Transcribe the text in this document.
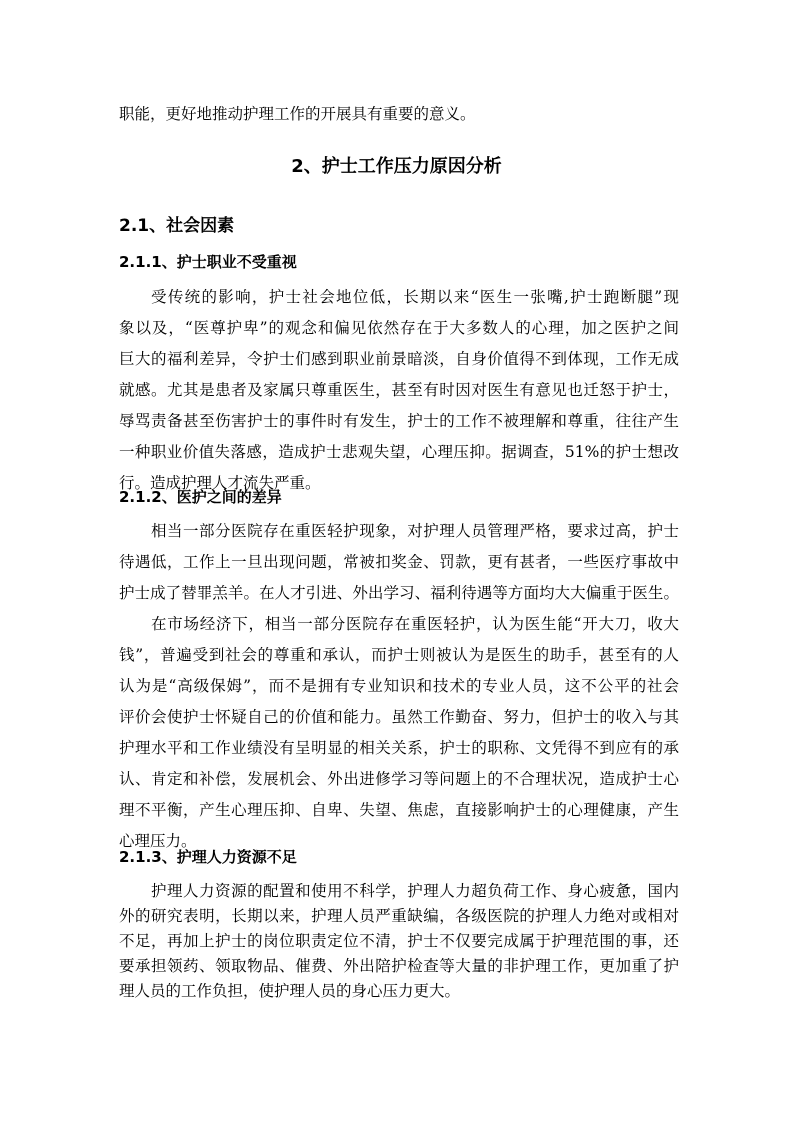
职能，更好地推动护理工作的开展具有重要的意义。
2、护士工作压力原因分析
2.1、社会因素
2.1.1、护士职业不受重视
受传统的影响，护士社会地位低，长期以来“医生一张嘴,护士跑断腿”现
象以及，“医尊护卑”的观念和偏见依然存在于大多数人的心理，加之医护之间
巨大的福利差异，令护士们感到职业前景暗淡，自身价值得不到体现，工作无成
就感。尤其是患者及家属只尊重医生，甚至有时因对医生有意见也迁怒于护士，
辱骂责备甚至伤害护士的事件时有发生，护士的工作不被理解和尊重，往往产生
一种职业价值失落感，造成护士悲观失望，心理压抑。据调查，51%的护士想改
行。造成护理人才流失严重。
2.1.2、医护之间的差异
相当一部分医院存在重医轻护现象，对护理人员管理严格，要求过高，护士
待遇低，工作上一旦出现问题，常被扣奖金、罚款，更有甚者，一些医疗事故中
护士成了替罪羔羊。在人才引进、外出学习、福利待遇等方面均大大偏重于医生。
在市场经济下，相当一部分医院存在重医轻护，认为医生能“开大刀，收大
钱”，普遍受到社会的尊重和承认，而护士则被认为是医生的助手，甚至有的人
认为是“高级保姆”，而不是拥有专业知识和技术的专业人员，这不公平的社会
评价会使护士怀疑自己的价值和能力。虽然工作勤奋、努力，但护士的收入与其
护理水平和工作业绩没有呈明显的相关关系，护士的职称、文凭得不到应有的承
认、肯定和补偿，发展机会、外出进修学习等问题上的不合理状况，造成护士心
理不平衡，产生心理压抑、自卑、失望、焦虑，直接影响护士的心理健康，产生
心理压力。
2.1.3、护理人力资源不足
护理人力资源的配置和使用不科学，护理人力超负荷工作、身心疲惫，国内
外的研究表明，长期以来，护理人员严重缺编，各级医院的护理人力绝对或相对
不足，再加上护士的岗位职责定位不清，护士不仅要完成属于护理范围的事，还
要承担领药、领取物品、催费、外出陪护检查等大量的非护理工作，更加重了护
理人员的工作负担，使护理人员的身心压力更大。
